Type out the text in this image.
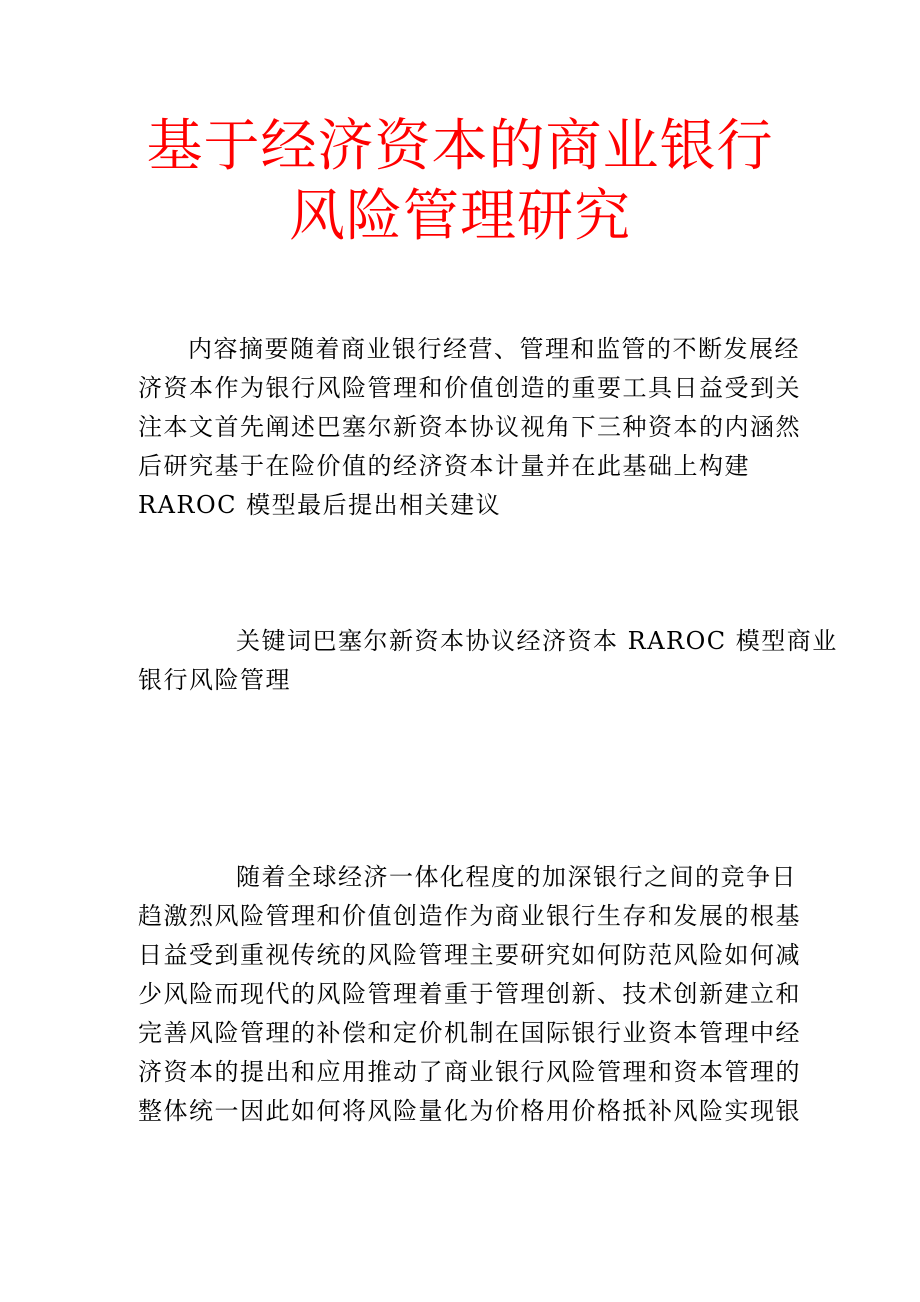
基于经济资本的商业银行
风险管理研究
内容摘要随着商业银行经营、管理和监管的不断发展经
济资本作为银行风险管理和价值创造的重要工具日益受到关
注本文首先阐述巴塞尔新资本协议视角下三种资本的内涵然
后研究基于在险价值的经济资本计量并在此基础上构建
RAROC 模型最后提出相关建议
关键词巴塞尔新资本协议经济资本 RAROC 模型商业
银行风险管理
随着全球经济一体化程度的加深银行之间的竞争日
趋激烈风险管理和价值创造作为商业银行生存和发展的根基
日益受到重视传统的风险管理主要研究如何防范风险如何减
少风险而现代的风险管理着重于管理创新、技术创新建立和
完善风险管理的补偿和定价机制在国际银行业资本管理中经
济资本的提出和应用推动了商业银行风险管理和资本管理的
整体统一因此如何将风险量化为价格用价格抵补风险实现银
